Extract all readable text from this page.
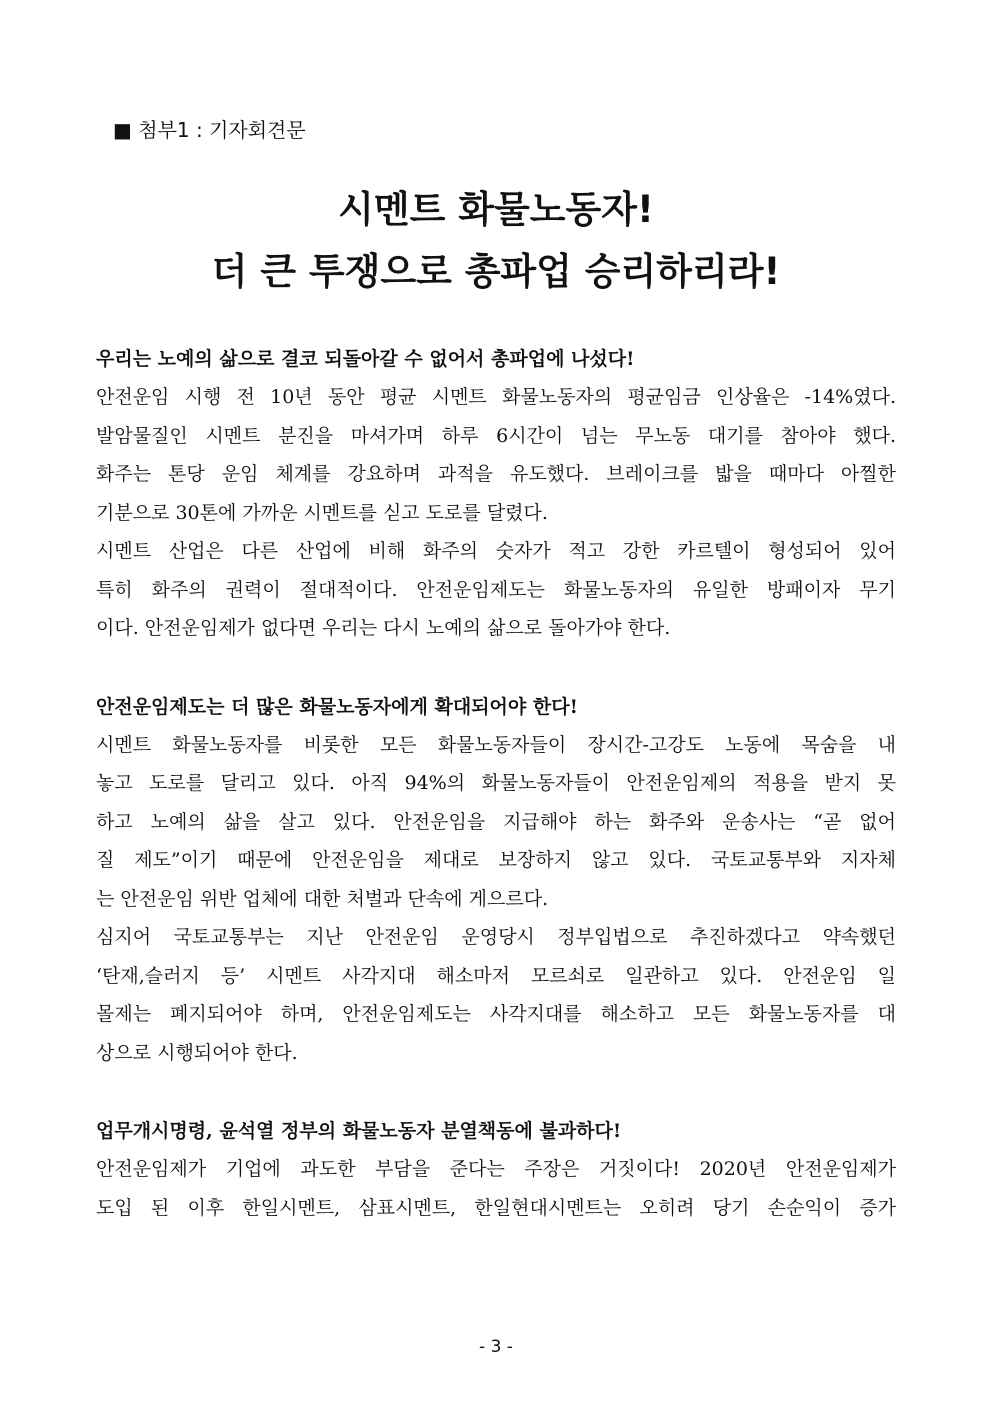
■ 첨부1 : 기자회견문
시멘트 화물노동자!
더 큰 투쟁으로 총파업 승리하리라!
우리는 노예의 삶으로 결코 되돌아갈 수 없어서 총파업에 나섰다!
안전운임 시행 전 10년 동안 평균 시멘트 화물노동자의 평균임금 인상율은 -14%였다.
발암물질인 시멘트 분진을 마셔가며 하루 6시간이 넘는 무노동 대기를 참아야 했다.
화주는 톤당 운임 체계를 강요하며 과적을 유도했다. 브레이크를 밟을 때마다 아찔한
기분으로 30톤에 가까운 시멘트를 싣고 도로를 달렸다.
시멘트 산업은 다른 산업에 비해 화주의 숫자가 적고 강한 카르텔이 형성되어 있어
특히 화주의 권력이 절대적이다. 안전운임제도는 화물노동자의 유일한 방패이자 무기
이다. 안전운임제가 없다면 우리는 다시 노예의 삶으로 돌아가야 한다.
안전운임제도는 더 많은 화물노동자에게 확대되어야 한다!
시멘트 화물노동자를 비롯한 모든 화물노동자들이 장시간-고강도 노동에 목숨을 내
놓고 도로를 달리고 있다. 아직 94%의 화물노동자들이 안전운임제의 적용을 받지 못
하고 노예의 삶을 살고 있다. 안전운임을 지급해야 하는 화주와 운송사는 “곧 없어
질 제도”이기 때문에 안전운임을 제대로 보장하지 않고 있다. 국토교통부와 지자체
는 안전운임 위반 업체에 대한 처벌과 단속에 게으르다.
심지어 국토교통부는 지난 안전운임 운영당시 정부입법으로 추진하겠다고 약속했던
‘탄재,슬러지 등’ 시멘트 사각지대 해소마저 모르쇠로 일관하고 있다. 안전운임 일
몰제는 폐지되어야 하며, 안전운임제도는 사각지대를 해소하고 모든 화물노동자를 대
상으로 시행되어야 한다.
업무개시명령, 윤석열 정부의 화물노동자 분열책동에 불과하다!
안전운임제가 기업에 과도한 부담을 준다는 주장은 거짓이다! 2020년 안전운임제가
도입 된 이후 한일시멘트, 삼표시멘트, 한일현대시멘트는 오히려 당기 손순익이 증가
- 3 -
